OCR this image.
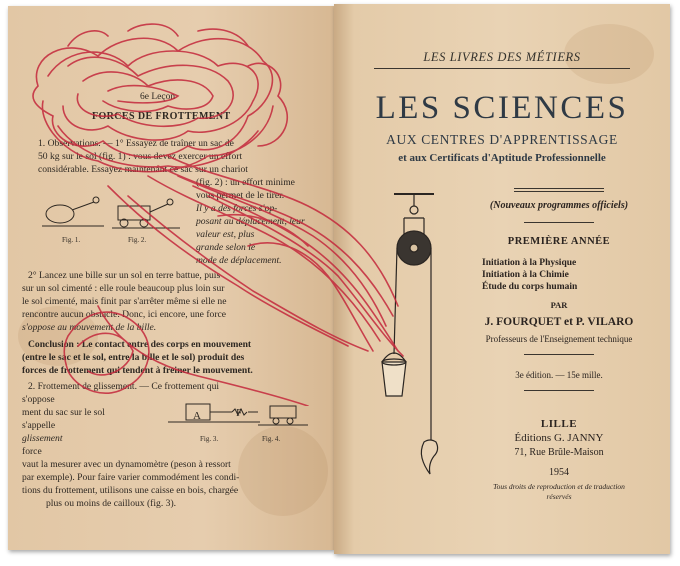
6e Leçon
FORCES DE FROTTEMENT
1. Observations. — 1° Essayez de traîner un sac de
50 kg sur le sol (fig. 1) : vous devez exercer un effort
considérable. Essayez maintenant ce sac sur un chariot
(fig. 2) : un effort minime
vous permet de le tirer.
Il y a des forces s'op-
posant au déplacement, leur
valeur est, plus
grande selon le
mode de déplacement.
2° Lancez une bille sur un sol en terre battue, puis
sur un sol cimenté : elle roule beaucoup plus loin sur
le sol cimenté, mais finit par s'arrêter même si elle ne
rencontre aucun obstacle. Donc, ici encore, une force
s'oppose au mouvement de la bille.
Conclusion : Le contact entre des corps en mouvement
(entre le sac et le sol, entre la bille et le sol) produit des
forces de frottement qui tendent à freiner le mouvement.
2. Frottement de glissement. — Ce frottement qui
s'oppose
ment du sac sur le sol
s'appelle
glissement
force
vaut la mesurer avec un dynamomètre (peson à ressort
par exemple). Pour faire varier commodément les condi-
tions du frottement, utilisons une caisse en bois, chargée
plus ou moins de cailloux (fig. 3).
Fig. 1.	Fig. 2.
Fig. 3.	Fig. 4.
A	F
LES LIVRES DES MÉTIERS
LES SCIENCES
AUX CENTRES D'APPRENTISSAGE
et aux Certificats d'Aptitude Professionnelle
(Nouveaux programmes officiels)
PREMIÈRE ANNÉE
Initiation à la Physique
Initiation à la Chimie
Étude du corps humain
PAR
J. FOURQUET et P. VILARO
Professeurs de l'Enseignement technique
3e édition. — 15e mille.
LILLE
Éditions G. JANNY
71, Rue Brûle-Maison
1954
Tous droits de reproduction et de traduction
réservés
